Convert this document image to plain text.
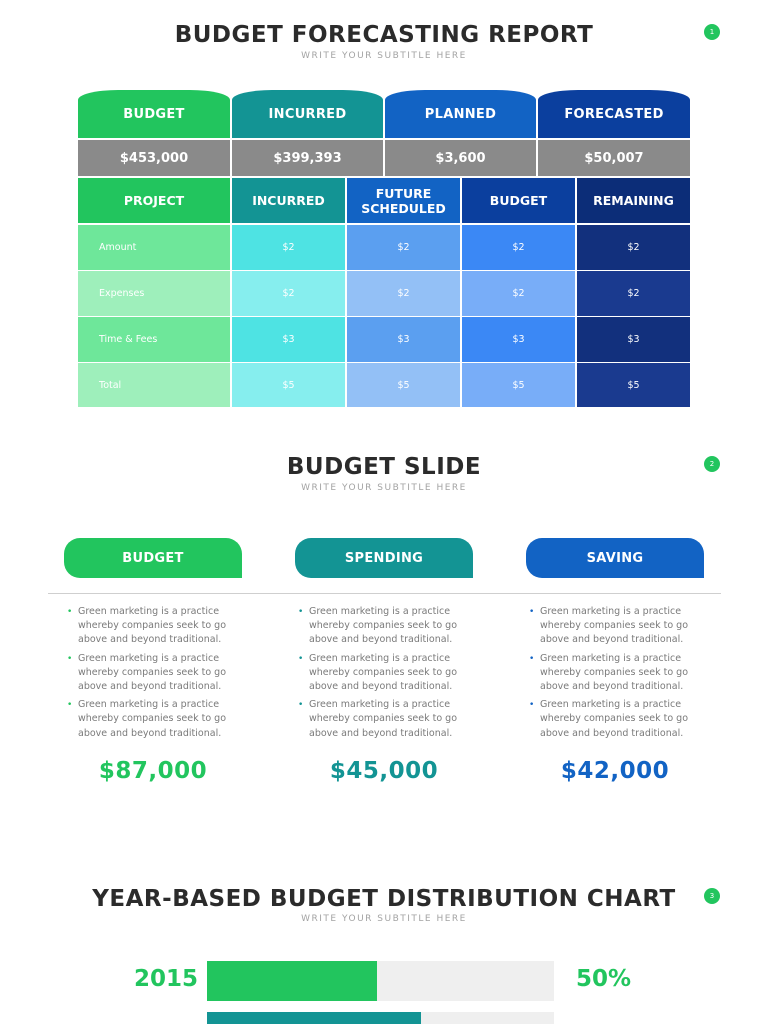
BUDGET FORECASTING REPORT
WRITE YOUR SUBTITLE HERE
1
BUDGET	INCURRED	PLANNED	FORECASTED
$453,000	$399,393	$3,600	$50,007
PROJECT	INCURRED	FUTURE SCHEDULED	BUDGET	REMAINING
Amount	$2	$2	$2	$2
Expenses	$2	$2	$2	$2
Time & Fees	$3	$3	$3	$3
Total	$5	$5	$5	$5
BUDGET SLIDE
WRITE YOUR SUBTITLE HERE
2
BUDGET	SPENDING	SAVING
• Green marketing is a practice whereby companies seek to go above and beyond traditional.
• Green marketing is a practice whereby companies seek to go above and beyond traditional.
• Green marketing is a practice whereby companies seek to go above and beyond traditional.
• Green marketing is a practice whereby companies seek to go above and beyond traditional.
• Green marketing is a practice whereby companies seek to go above and beyond traditional.
• Green marketing is a practice whereby companies seek to go above and beyond traditional.
• Green marketing is a practice whereby companies seek to go above and beyond traditional.
• Green marketing is a practice whereby companies seek to go above and beyond traditional.
• Green marketing is a practice whereby companies seek to go above and beyond traditional.
$87,000	$45,000	$42,000
YEAR-BASED BUDGET DISTRIBUTION CHART
WRITE YOUR SUBTITLE HERE
3
2015	50%
